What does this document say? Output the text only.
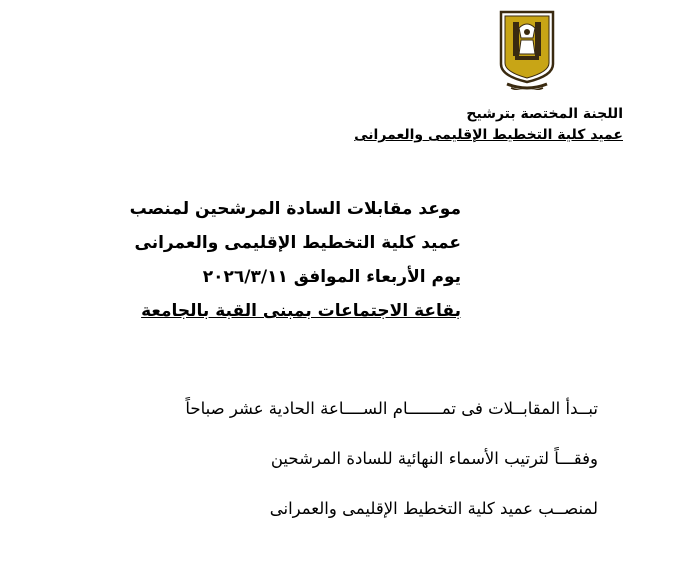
اللجنة المختصة بترشيح
عميد كلية التخطيط الإقليمى والعمرانى
موعد مقابلات السادة المرشحين لمنصب
عميد كلية التخطيط الإقليمى والعمرانى
يوم الأربعاء الموافق ٢٠٢٦/٣/١١
بقاعة الاجتماعات بمبنى القبة بالجامعة
تبــدأ المقابــلات فى تمـــــــام الســــاعة الحادية عشر صباحاً
وفقـــاً لترتيب الأسماء النهائية للسادة المرشحين
لمنصــب عميد كلية التخطيط الإقليمى والعمرانى
